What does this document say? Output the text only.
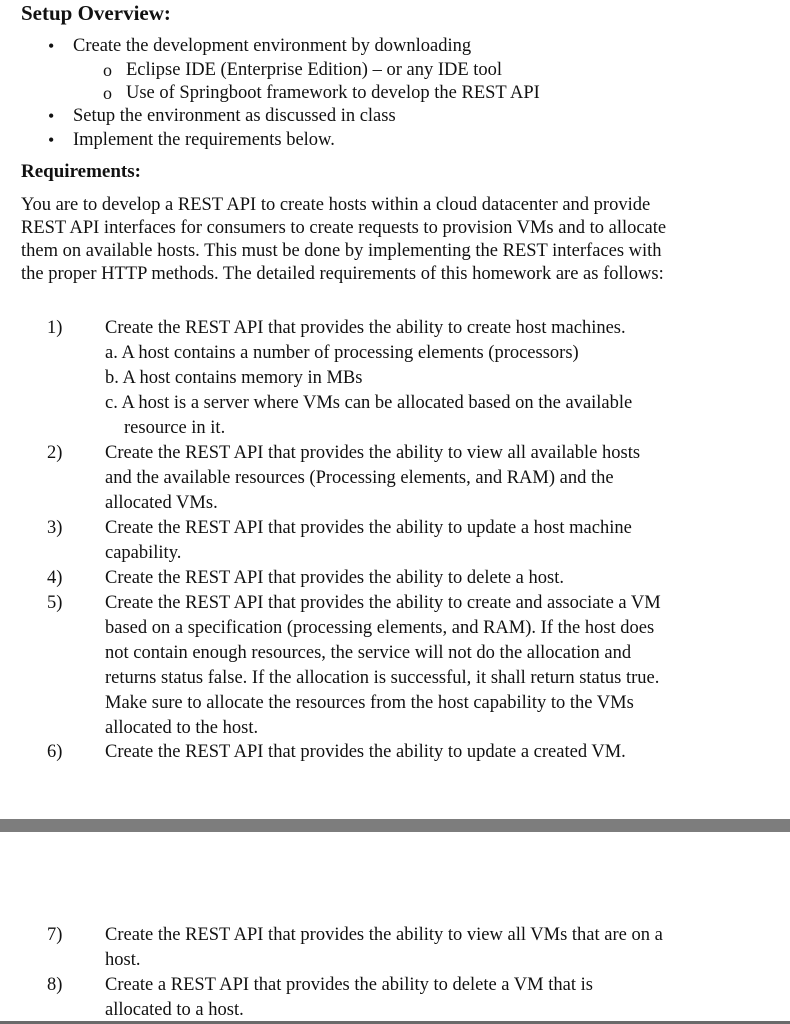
Setup Overview:
• Create the development environment by downloading
o Eclipse IDE (Enterprise Edition) – or any IDE tool
o Use of Springboot framework to develop the REST API
• Setup the environment as discussed in class
• Implement the requirements below.
Requirements:
You are to develop a REST API to create hosts within a cloud datacenter and provide
REST API interfaces for consumers to create requests to provision VMs and to allocate
them on available hosts. This must be done by implementing the REST interfaces with
the proper HTTP methods. The detailed requirements of this homework are as follows:
1) Create the REST API that provides the ability to create host machines.
a. A host contains a number of processing elements (processors)
b. A host contains memory in MBs
c. A host is a server where VMs can be allocated based on the available
resource in it.
2) Create the REST API that provides the ability to view all available hosts
and the available resources (Processing elements, and RAM) and the
allocated VMs.
3) Create the REST API that provides the ability to update a host machine
capability.
4) Create the REST API that provides the ability to delete a host.
5) Create the REST API that provides the ability to create and associate a VM
based on a specification (processing elements, and RAM). If the host does
not contain enough resources, the service will not do the allocation and
returns status false. If the allocation is successful, it shall return status true.
Make sure to allocate the resources from the host capability to the VMs
allocated to the host.
6) Create the REST API that provides the ability to update a created VM.
7) Create the REST API that provides the ability to view all VMs that are on a
host.
8) Create a REST API that provides the ability to delete a VM that is
allocated to a host.
